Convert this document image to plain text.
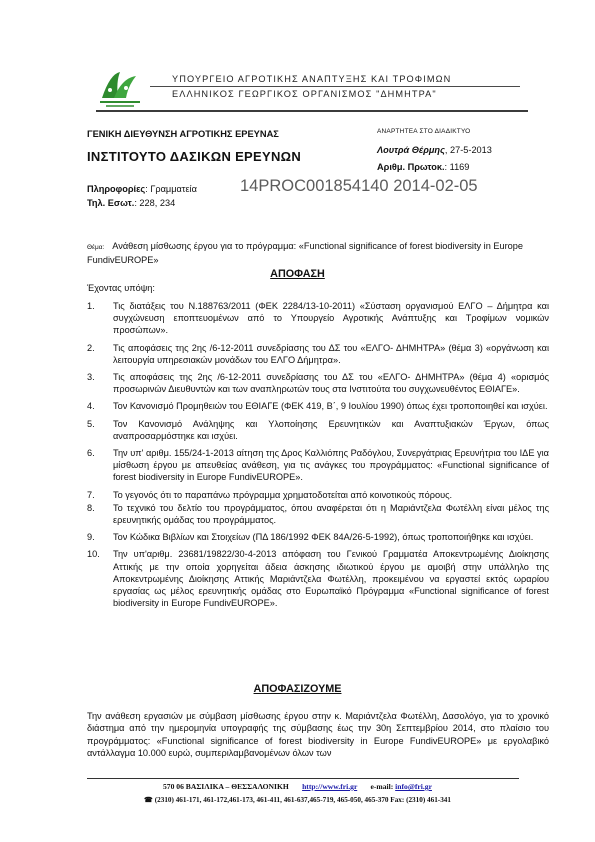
ΥΠΟΥΡΓΕΙΟ ΑΓΡΟΤΙΚΗΣ ΑΝΑΠΤΥΞΗΣ ΚΑΙ ΤΡΟΦΙΜΩΝ
ΕΛΛΗΝΙΚΟΣ ΓΕΩΡΓΙΚΟΣ ΟΡΓΑΝΙΣΜΟΣ "ΔΗΜΗΤΡΑ"
ΓΕΝΙΚΗ ΔΙΕΥΘΥΝΣΗ ΑΓΡΟΤΙΚΗΣ ΕΡΕΥΝΑΣ
ΙΝΣΤΙΤΟΥΤΟ ΔΑΣΙΚΩΝ ΕΡΕΥΝΩΝ
ΑΝΑΡΤΗΤΕΑ ΣΤΟ ΔΙΑΔΙΚΤΥΟ
Λουτρά Θέρμης, 27-5-2013
Αριθμ. Πρωτοκ.: 1169
Πληροφορίες: Γραμματεία
Τηλ. Εσωτ.: 228, 234
14PROC001854140 2014-02-05
Θέμα: Ανάθεση μίσθωσης έργου για το πρόγραμμα: «Functional significance of forest biodiversity in Europe FundivEUROPE»
ΑΠΟΦΑΣΗ
Έχοντας υπόψη:
1.	Τις διατάξεις του Ν.188763/2011 (ΦΕΚ 2284/13-10-2011) «Σύσταση οργανισμού ΕΛΓΟ – Δήμητρα και συγχώνευση εποπτευομένων από το Υπουργείο Αγροτικής Ανάπτυξης και Τροφίμων νομικών προσώπων».
2.	Τις αποφάσεις της 2ης /6-12-2011 συνεδρίασης του ΔΣ του «ΕΛΓΟ- ΔΗΜΗΤΡΑ» (θέμα 3) «οργάνωση και λειτουργία υπηρεσιακών μονάδων του ΕΛΓΟ Δήμητρα».
3.	Τις αποφάσεις της 2ης /6-12-2011 συνεδρίασης του ΔΣ του «ΕΛΓΟ- ΔΗΜΗΤΡΑ» (θέμα 4) «ορισμός προσωρινών Διευθυντών και των αναπληρωτών τους στα Ινστιτούτα του συγχωνευθέντος ΕΘΙΑΓΕ».
4.	Τον Κανονισμό Προμηθειών του ΕΘΙΑΓΕ (ΦΕΚ 419, Β΄, 9 Ιουλίου 1990) όπως έχει τροποποιηθεί και ισχύει.
5.	Τον Κανονισμό Ανάληψης και Υλοποίησης Ερευνητικών και Αναπτυξιακών Έργων, όπως αναπροσαρμόστηκε και ισχύει.
6.	Την υπ' αριθμ. 155/24-1-2013 αίτηση της Δρος Καλλιόπης Ραδόγλου, Συνεργάτριας Ερευνήτρια του ΙΔΕ για μίσθωση έργου με απευθείας ανάθεση, για τις ανάγκες του προγράμματος: «Functional significance of forest biodiversity in Europe FundivEUROPE».
7.	Το γεγονός ότι το παραπάνω πρόγραμμα χρηματοδοτείται από κοινοτικούς πόρους.
8.	Το τεχνικό του δελτίο του προγράμματος, όπου αναφέρεται ότι η Μαριάντζελα Φωτέλλη είναι μέλος της ερευνητικής ομάδας του προγράμματος.
9.	Τον Κώδικα Βιβλίων και Στοιχείων (ΠΔ 186/1992 ΦΕΚ 84Α/26-5-1992), όπως τροποποιήθηκε και ισχύει.
10.	Την υπ'αριθμ. 23681/19822/30-4-2013 απόφαση του Γενικού Γραμματέα Αποκεντρωμένης Διοίκησης Αττικής με την οποία χορηγείται άδεια άσκησης ιδιωτικού έργου με αμοιβή στην υπάλληλο της Αποκεντρωμένης Διοίκησης Αττικής Μαριάντζελα Φωτέλλη, προκειμένου να εργαστεί εκτός ωραρίου εργασίας ως μέλος ερευνητικής ομάδας στο Ευρωπαϊκό Πρόγραμμα «Functional significance of forest biodiversity in Europe FundivEUROPE».
ΑΠΟΦΑΣΙΖΟΥΜΕ
Την ανάθεση εργασιών με σύμβαση μίσθωσης έργου στην κ. Μαριάντζελα Φωτέλλη, Δασολόγο, για το χρονικό διάστημα από την ημερομηνία υπογραφής της σύμβασης έως την 30η Σεπτεμβρίου 2014, στο πλαίσιο του προγράμματος: «Functional significance of forest biodiversity in Europe FundivEUROPE» με εργολαβικό αντάλλαγμα 10.000 ευρώ, συμπεριλαμβανομένων όλων των
570 06 ΒΑΣΙΛΙΚΑ – ΘΕΣΣΑΛΟΝΙΚΗ http://www.fri.gr e-mail: info@fri.gr
☎ (2310) 461-171, 461-172,461-173, 461-411, 461-637,465-719, 465-050, 465-370 Fax: (2310) 461-341
